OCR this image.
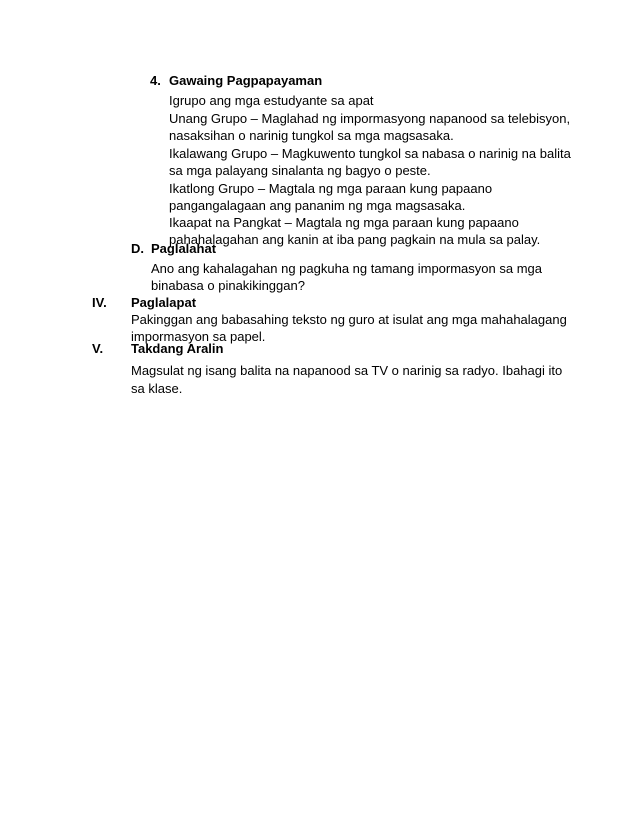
4. Gawaing Pagpapayaman
Igrupo ang mga estudyante sa apat
Unang Grupo – Maglahad ng impormasyong napanood sa telebisyon,
nasaksihan o narinig tungkol sa mga magsasaka.
Ikalawang Grupo – Magkuwento tungkol sa nabasa o narinig na balita
sa mga palayang sinalanta ng bagyo o peste.
Ikatlong Grupo – Magtala ng mga paraan kung papaano
pangangalagaan ang pananim ng mga magsasaka.
Ikaapat na Pangkat – Magtala ng mga paraan kung papaano
pahahalagahan ang kanin at iba pang pagkain na mula sa palay.
D. Paglalahat
Ano ang kahalagahan ng pagkuha ng tamang impormasyon sa mga
binabasa o pinakikinggan?
IV. Paglalapat
Pakinggan ang babasahing teksto ng guro at isulat ang mga mahahalagang
impormasyon sa papel.
V. Takdang Aralin
Magsulat ng isang balita na napanood sa TV o narinig sa radyo. Ibahagi ito
sa klase.
